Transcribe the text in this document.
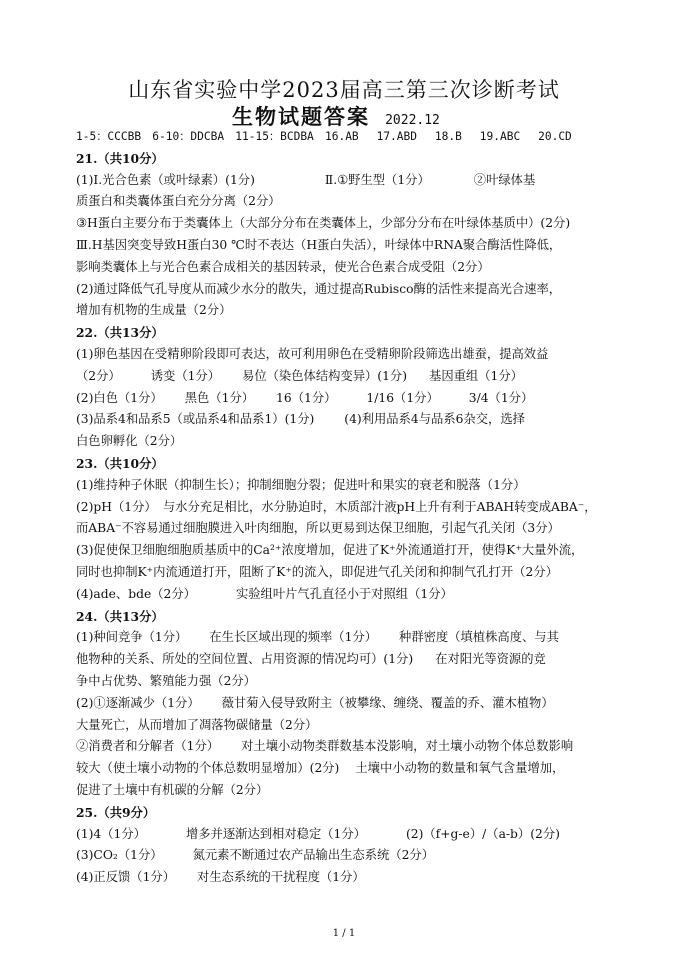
山东省实验中学2023届高三第三次诊断考试
生物试题答案 2022.12
1-5：CCCBB　6-10：DDCBA　11-15：BCDBA　16.AB　 17.ABD　 18.B　 19.ABC　 20.CD
21.（共10分）
(1)Ⅰ.光合色素（或叶绿素）(1分)	Ⅱ.①野生型（1分）	②叶绿体基
质蛋白和类囊体蛋白充分分离（2分）
③H蛋白主要分布于类囊体上（大部分分布在类囊体上，少部分分布在叶绿体基质中）(2分)
Ⅲ.H基因突变导致H蛋白30 ℃时不表达（H蛋白失活），叶绿体中RNA聚合酶活性降低，
影响类囊体上与光合色素合成相关的基因转录，使光合色素合成受阻（2分）
(2)通过降低气孔导度从而减少水分的散失，通过提高Rubisco酶的活性来提高光合速率，
增加有机物的生成量（2分）
22.（共13分）
(1)卵色基因在受精卵阶段即可表达，故可利用卵色在受精卵阶段筛选出雄蚕，提高效益
（2分） 诱变（1分） 易位（染色体结构变异）(1分) 基因重组（1分）
(2)白色（1分） 黑色（1分） 16（1分） 1/16（1分） 3/4（1分）
(3)品系4和品系5（或品系4和品系1）(1分) (4)利用品系4与品系6杂交，选择
白色卵孵化（2分）
23.（共10分）
(1)维持种子休眠（抑制生长）；抑制细胞分裂；促进叶和果实的衰老和脱落（1分）
(2)pH（1分）　与水分充足相比，水分胁迫时，木质部汁液pH上升有利于ABAH转变成ABA⁻，
而ABA⁻不容易通过细胞膜进入叶肉细胞，所以更易到达保卫细胞，引起气孔关闭（3分）
(3)促使保卫细胞细胞质基质中的Ca²⁺浓度增加，促进了K⁺外流通道打开，使得K⁺大量外流，
同时也抑制K⁺内流通道打开，阻断了K⁺的流入，即促进气孔关闭和抑制气孔打开（2分）
(4)ade、bde（2分）	实验组叶片气孔直径小于对照组（1分）
24.（共13分）
(1)种间竞争（1分） 在生长区域出现的频率（1分） 种群密度（填植株高度、与其
他物种的关系、所处的空间位置、占用资源的情况均可）(1分) 在对阳光等资源的竞
争中占优势、繁殖能力强（2分）
(2)①逐渐减少（1分） 薇甘菊入侵导致附主（被攀缘、缠绕、覆盖的乔、灌木植物）
大量死亡，从而增加了凋落物碳储量（2分）
②消费者和分解者（1分） 对土壤小动物类群数基本没影响，对土壤小动物个体总数影响
较大（使土壤小动物的个体总数明显增加）(2分) 土壤中小动物的数量和氧气含量增加，
促进了土壤中有机碳的分解（2分）
25.（共9分）
(1)4（1分）	增多并逐渐达到相对稳定（1分）	(2)（f+g-e）/（a-b）(2分)
(3)CO₂（1分） 氮元素不断通过农产品输出生态系统（2分）
(4)正反馈（1分） 对生态系统的干扰程度（1分）
1 / 1
